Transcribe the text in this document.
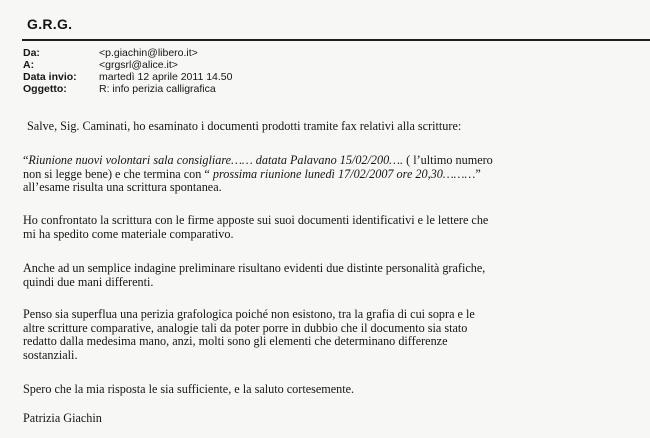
G.R.G.
Da:	<p.giachin@libero.it>
A:	<grgsrl@alice.it>
Data invio:	martedì 12 aprile 2011 14.50
Oggetto:	R: info perizia calligrafica

Salve, Sig. Caminati, ho esaminato i documenti prodotti tramite fax relativi alla scritture:

“Riunione nuovi volontari sala consigliare…… datata Palavano 15/02/200…. ( l’ultimo numero
non si legge bene) e che termina con “ prossima riunione lunedì 17/02/2007 ore 20,30………”
all’esame risulta una scrittura spontanea.

Ho confrontato la scrittura con le firme apposte sui suoi documenti identificativi e le lettere che
mi ha spedito come materiale comparativo.

Anche ad un semplice indagine preliminare risultano evidenti due distinte personalità grafiche,
quindi due mani differenti.

Penso sia superflua una perizia grafologica poiché non esistono, tra la grafia di cui sopra e le
altre scritture comparative, analogie tali da poter porre in dubbio che il documento sia stato
redatto dalla medesima mano, anzi, molti sono gli elementi che determinano differenze
sostanziali.

Spero che la mia risposta le sia sufficiente, e la saluto cortesemente.

Patrizia Giachin
